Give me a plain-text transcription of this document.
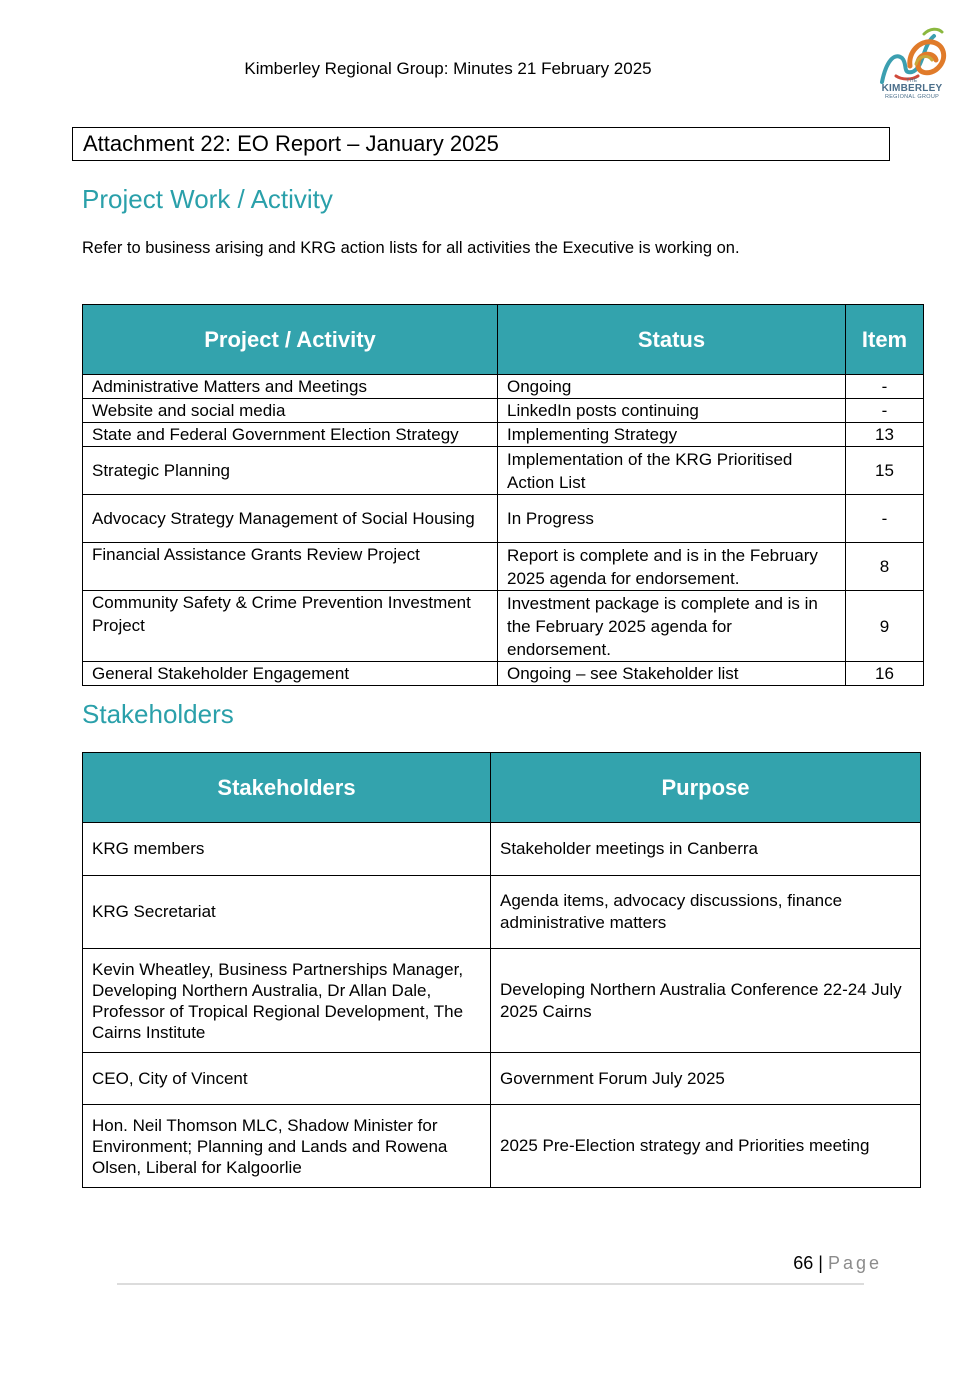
Kimberley Regional Group: Minutes 21 February 2025
THE
KIMBERLEY
REGIONAL GROUP
Attachment 22: EO Report – January 2025
Project Work / Activity
Refer to business arising and KRG action lists for all activities the Executive is working on.
Project / Activity	Status	Item
Administrative Matters and Meetings	Ongoing	-
Website and social media	LinkedIn posts continuing	-
State and Federal Government Election Strategy	Implementing Strategy	13
Strategic Planning	Implementation of the KRG Prioritised Action List	15
Advocacy Strategy Management of Social Housing	In Progress	-
Financial Assistance Grants Review Project	Report is complete and is in the February 2025 agenda for endorsement.	8
Community Safety & Crime Prevention Investment Project	Investment package is complete and is in the February 2025 agenda for endorsement.	9
General Stakeholder Engagement	Ongoing – see Stakeholder list	16
Stakeholders
Stakeholders	Purpose
KRG members	Stakeholder meetings in Canberra
KRG Secretariat	Agenda items, advocacy discussions, finance administrative matters
Kevin Wheatley, Business Partnerships Manager, Developing Northern Australia, Dr Allan Dale, Professor of Tropical Regional Development, The Cairns Institute	Developing Northern Australia Conference 22-24 July 2025 Cairns
CEO, City of Vincent	Government Forum July 2025
Hon. Neil Thomson MLC, Shadow Minister for Environment; Planning and Lands and Rowena Olsen, Liberal for Kalgoorlie	2025 Pre-Election strategy and Priorities meeting
66 | Page
